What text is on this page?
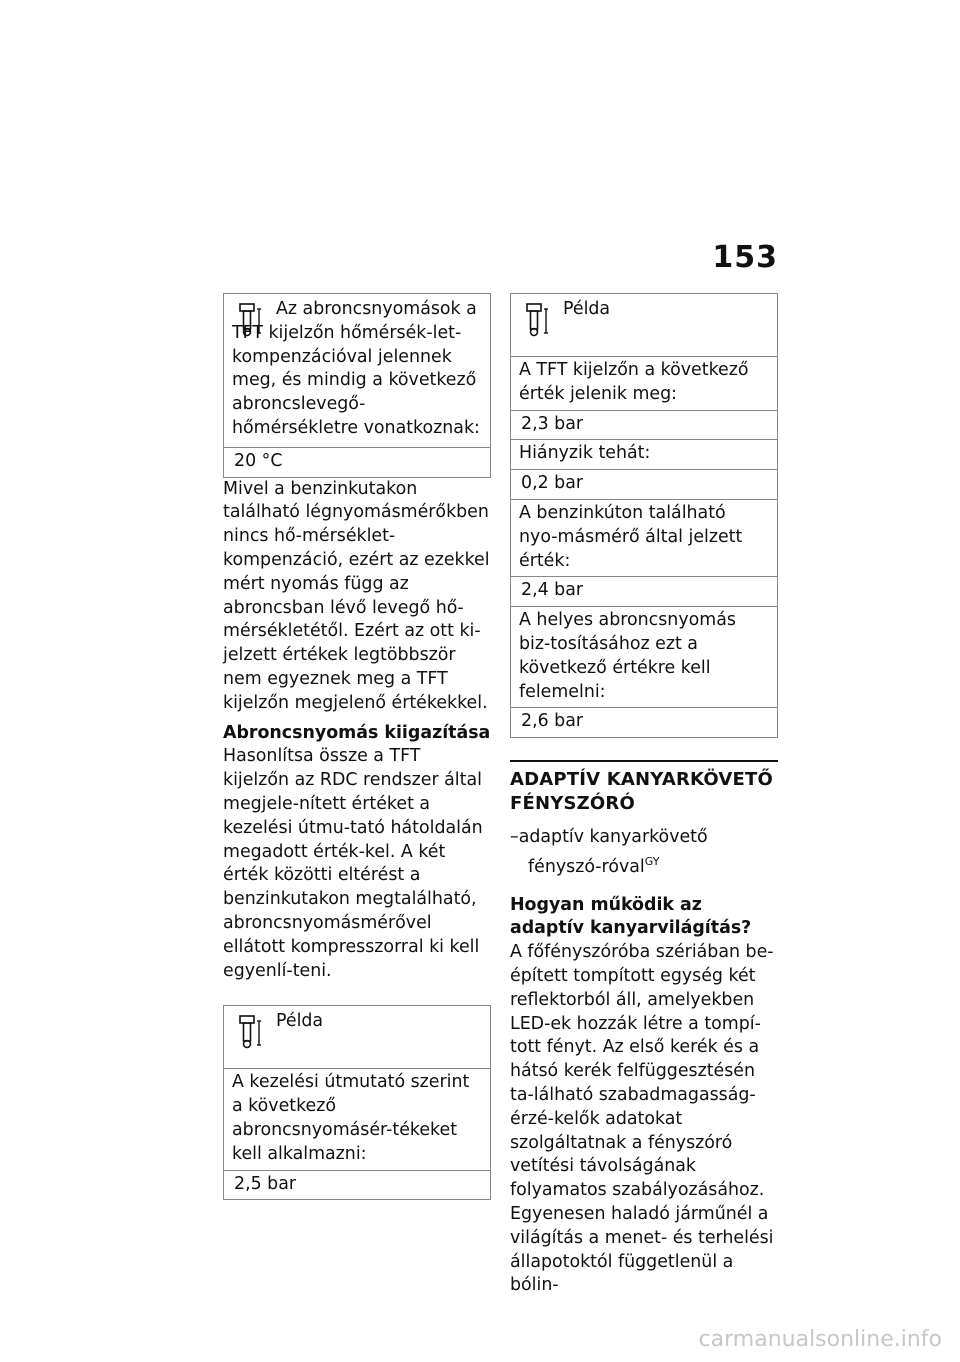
153
Az abroncsnyomások a TFT kijelzőn hőmérsék-let-kompenzációval jelennek meg, és mindig a következő abroncslevegő-hőmérsékletre vonatkoznak:
20 °C

Mivel a benzinkutakon található légnyomásmérőkben nincs hő-mérséklet-kompenzáció, ezért az ezekkel mért nyomás függ az abroncsban lévő levegő hő-mérsékletétől. Ezért az ott ki-jelzett értékek legtöbbször nem egyeznek meg a TFT kijelzőn megjelenő értékekkel.

Abroncsnyomás kiigazítása

Hasonlítsa össze a TFT kijelzőn az RDC rendszer által megjele-nített értéket a kezelési útmu-tató hátoldalán megadott érték-kel. A két érték közötti eltérést a benzinkutakon megtalálható, abroncsnyomásmérővel ellátott kompresszorral ki kell egyenlí-teni.

Példa
A kezelési útmutató szerint a következő abroncsnyomásér-tékeket kell alkalmazni:
2,5 bar
Példa
A TFT kijelzőn a következő érték jelenik meg:
2,3 bar
Hiányzik tehát:
0,2 bar
A benzinkúton található nyo-másmérő által jelzett érték:
2,4 bar
A helyes abroncsnyomás biz-tosításához ezt a következő értékre kell felemelni:
2,6 bar
ADAPTÍV KANYARKÖVETŐ
FÉNYSZÓRÓ

–adaptív kanyarkövető fényszó-róval$^{GY}$

Hogyan működik az adaptív kanyarvilágítás?

A főfényszóróba szériában be-épített tompított egység két reflektorból áll, amelyekben LED-ek hozzák létre a tompí-tott fényt. Az első kerék és a hátsó kerék felfüggesztésén ta-lálható szabadmagasság-érzé-kelők adatokat szolgáltatnak a fényszóró vetítési távolságának folyamatos szabályozásához. Egyenesen haladó járműnél a világítás a menet- és terhelési állapotoktól függetlenül a bólin-

carmanualsonline.info
